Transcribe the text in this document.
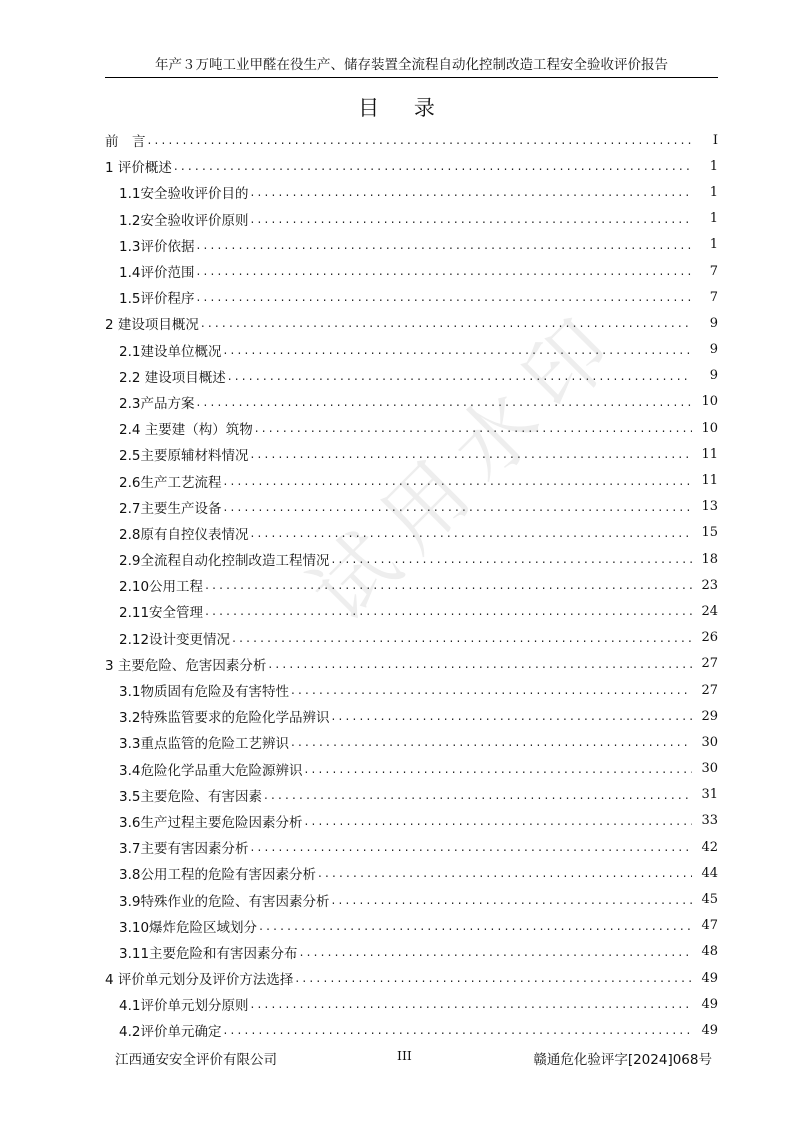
年产３万吨工业甲醛在役生产、储存装置全流程自动化控制改造工程安全验收评价报告
目 录
前　言 .....	I
1 评价概述 .....	1
1.1安全验收评价目的 .....	1
1.2安全验收评价原则 .....	1
1.3评价依据 .....	1
1.4评价范围 .....	7
1.5评价程序 .....	7
2 建设项目概况 .....	9
2.1建设单位概况 .....	9
2.2 建设项目概述 .....	9
2.3产品方案 .....	10
2.4 主要建（构）筑物 .....	10
2.5主要原辅材料情况 .....	11
2.6生产工艺流程 .....	11
2.7主要生产设备 .....	13
2.8原有自控仪表情况 .....	15
2.9全流程自动化控制改造工程情况 .....	18
2.10公用工程 .....	23
2.11安全管理 .....	24
2.12设计变更情况 .....	26
3 主要危险、危害因素分析 .....	27
3.1物质固有危险及有害特性 .....	27
3.2特殊监管要求的危险化学品辨识 .....	29
3.3重点监管的危险工艺辨识 .....	30
3.4危险化学品重大危险源辨识 .....	30
3.5主要危险、有害因素 .....	31
3.6生产过程主要危险因素分析 .....	33
3.7主要有害因素分析 .....	42
3.8公用工程的危险有害因素分析 .....	44
3.9特殊作业的危险、有害因素分析 .....	45
3.10爆炸危险区域划分 .....	47
3.11主要危险和有害因素分布 .....	48
4 评价单元划分及评价方法选择 .....	49
4.1评价单元划分原则 .....	49
4.2评价单元确定 .....	49
试用水印
江西通安安全评价有限公司	III	赣通危化验评字[2024]068号
